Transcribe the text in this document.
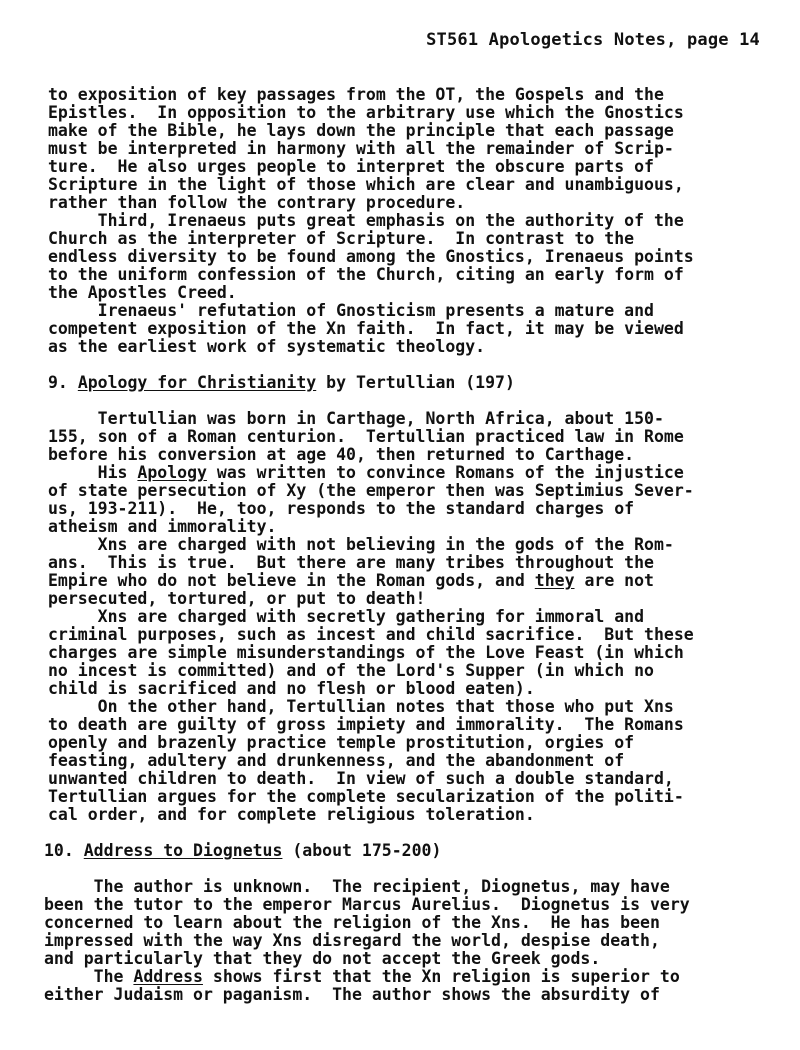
ST561 Apologetics Notes, page 14
to exposition of key passages from the OT, the Gospels and the
Epistles.  In opposition to the arbitrary use which the Gnostics
make of the Bible, he lays down the principle that each passage
must be interpreted in harmony with all the remainder of Scrip-
ture.  He also urges people to interpret the obscure parts of
Scripture in the light of those which are clear and unambiguous,
rather than follow the contrary procedure.
Third, Irenaeus puts great emphasis on the authority of the
Church as the interpreter of Scripture.  In contrast to the
endless diversity to be found among the Gnostics, Irenaeus points
to the uniform confession of the Church, citing an early form of
the Apostles Creed.
Irenaeus' refutation of Gnosticism presents a mature and
competent exposition of the Xn faith.  In fact, it may be viewed
as the earliest work of systematic theology.
9. Apology for Christianity by Tertullian (197)
Tertullian was born in Carthage, North Africa, about 150-
155, son of a Roman centurion.  Tertullian practiced law in Rome
before his conversion at age 40, then returned to Carthage.
His Apology was written to convince Romans of the injustice
of state persecution of Xy (the emperor then was Septimius Sever-
us, 193-211).  He, too, responds to the standard charges of
atheism and immorality.
Xns are charged with not believing in the gods of the Rom-
ans.  This is true.  But there are many tribes throughout the
Empire who do not believe in the Roman gods, and they are not
persecuted, tortured, or put to death!
Xns are charged with secretly gathering for immoral and
criminal purposes, such as incest and child sacrifice.  But these
charges are simple misunderstandings of the Love Feast (in which
no incest is committed) and of the Lord's Supper (in which no
child is sacrificed and no flesh or blood eaten).
On the other hand, Tertullian notes that those who put Xns
to death are guilty of gross impiety and immorality.  The Romans
openly and brazenly practice temple prostitution, orgies of
feasting, adultery and drunkenness, and the abandonment of
unwanted children to death.  In view of such a double standard,
Tertullian argues for the complete secularization of the politi-
cal order, and for complete religious toleration.
10. Address to Diognetus (about 175-200)
The author is unknown.  The recipient, Diognetus, may have
been the tutor to the emperor Marcus Aurelius.  Diognetus is very
concerned to learn about the religion of the Xns.  He has been
impressed with the way Xns disregard the world, despise death,
and particularly that they do not accept the Greek gods.
The Address shows first that the Xn religion is superior to
either Judaism or paganism.  The author shows the absurdity of
